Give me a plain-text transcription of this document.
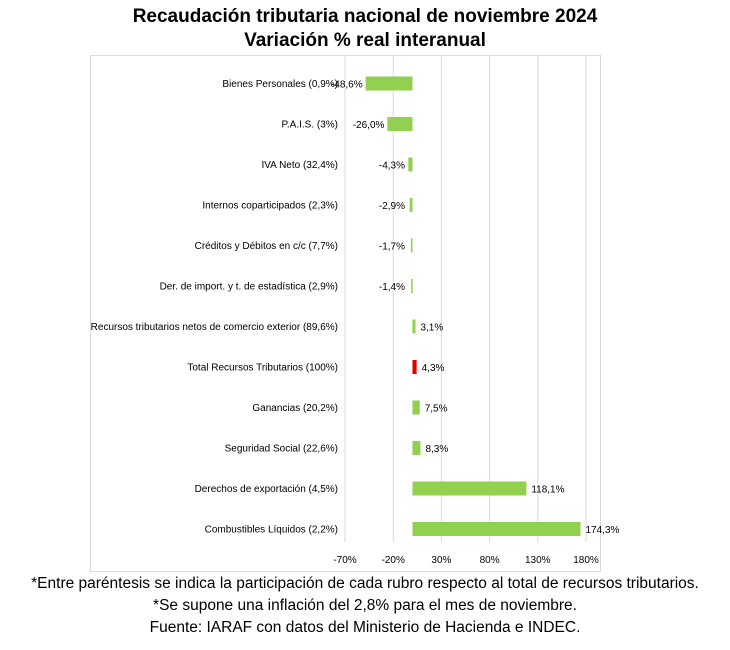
Recaudación tributaria nacional de noviembre 2024
Variación % real interanual
-70% -20%	30%	80%	130% 180%
Bienes Personales (0,9%)
-48,6%
P.A.I.S. (3%) -26,0%
IVA Neto (32,4%)	-4,3%
Internos coparticipados (2,3%)	-2,9%
Créditos y Débitos en c/c (7,7%)	-1,7%
Der. de import. y t. de estadística (2,9%)	-1,4%
Recursos tributarios netos de comercio exterior (89,6%)	3,1%
Total Recursos Tributarios (100%)	4,3%
Ganancias (20,2%)	7,5%
Seguridad Social (22,6%)	8,3%
Derechos de exportación (4,5%)	118,1%
Combustibles Líquidos (2,2%)	174,3%
*Entre paréntesis se indica la participación de cada rubro respecto al total de recursos tributarios.
*Se supone una inflación del 2,8% para el mes de noviembre.
Fuente: IARAF con datos del Ministerio de Hacienda e INDEC.
